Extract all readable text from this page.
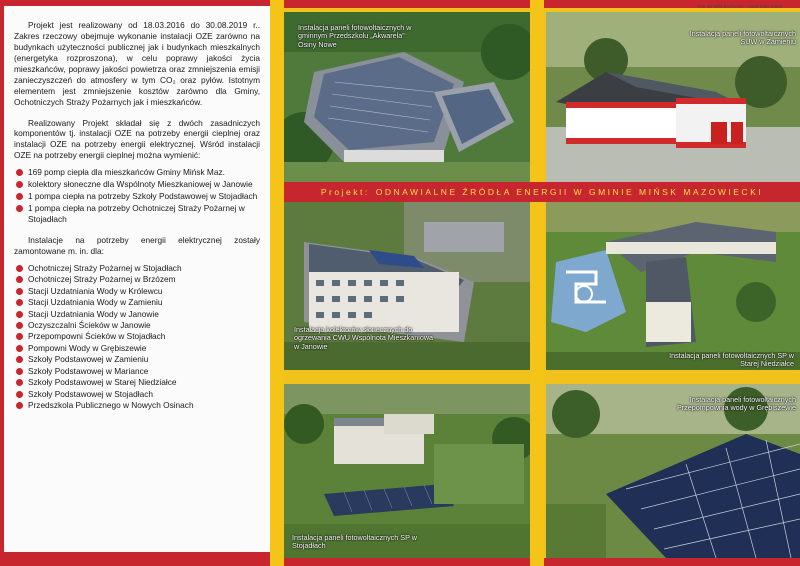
Projekt jest realizowany od 18.03.2016 do 30.08.2019 r.. Zakres rzeczowy obejmuje wykonanie instalacji OZE zarówno na budynkach użyteczności publicznej jak i budynkach mieszkalnych (energetyka rozproszona), w celu poprawy jakości życia mieszkańców, poprawy jakości powietrza oraz zmniejszenia emisji zanieczyszczeń do atmosfery w tym CO₂ oraz pyłów. Istotnym elementem jest zmniejszenie kosztów zarówno dla Gminy, Ochotniczych Straży Pożarnych jak i mieszkańców.

Realizowany Projekt składał się z dwóch zasadniczych komponentów tj. instalacji OZE na potrzeby energii cieplnej oraz instalacji OZE na potrzeby energii elektrycznej. Wśród instalacji OZE na potrzeby energii cieplnej można wymienić:

169 pomp ciepła dla mieszkańców Gminy Mińsk Maz.
kolektory słoneczne dla Wspólnoty Mieszkaniowej w Janowie
1 pompa ciepła na potrzeby Szkoły Podstawowej w Stojadłach
1 pompa ciepła na potrzeby Ochotniczej Straży Pożarnej w Stojadłach

Instalacje na potrzeby energii elektrycznej zostały zamontowane m. in. dla:

Ochotniczej Straży Pożarnej w Stojadłach
Ochotniczej Straży Pożarnej w Brzózem
Stacji Uzdatniania Wody w Królewcu
Stacji Uzdatniania Wody w Zamieniu
Stacji Uzdatniania Wody w Janowie
Oczyszczalni Ścieków w Janowie
Przepompowni Ścieków w Stojadłach
Pompowni Wody w Grębiszewie
Szkoły Podstawowej w Zamieniu
Szkoły Podstawowej w Mariance
Szkoły Podstawowej w Starej Niedziałce
Szkoły Podstawowej w Stojadłach
Przedszkola Publicznego w Nowych Osinach
Fot. 50 Miltil Bochenek - Sasie ktdw Kolek
Instalacja paneli fotowoltaicznych w gminnym Przedszkolu „Akwarela” Osiny Nowe
Instalacja paneli fotowoltaicznych SUW w Zamieniu
Projekt: ODNAWIALNE ŹRÓDŁA ENERGII W GMINIE MIŃSK MAZOWIECKI
Instalacja kolektorów słonecznych do ogrzewania CWU Wspólnota Mieszkaniowa w Janowie
Instalacja paneli fotowoltaicznych SP w Starej Niedziałce
Instalacja paneli fotowoltaicznych SP w Stojadłach
Instalacja paneli fotowoltaicznych Przepompownia wody w Grębiszewie
